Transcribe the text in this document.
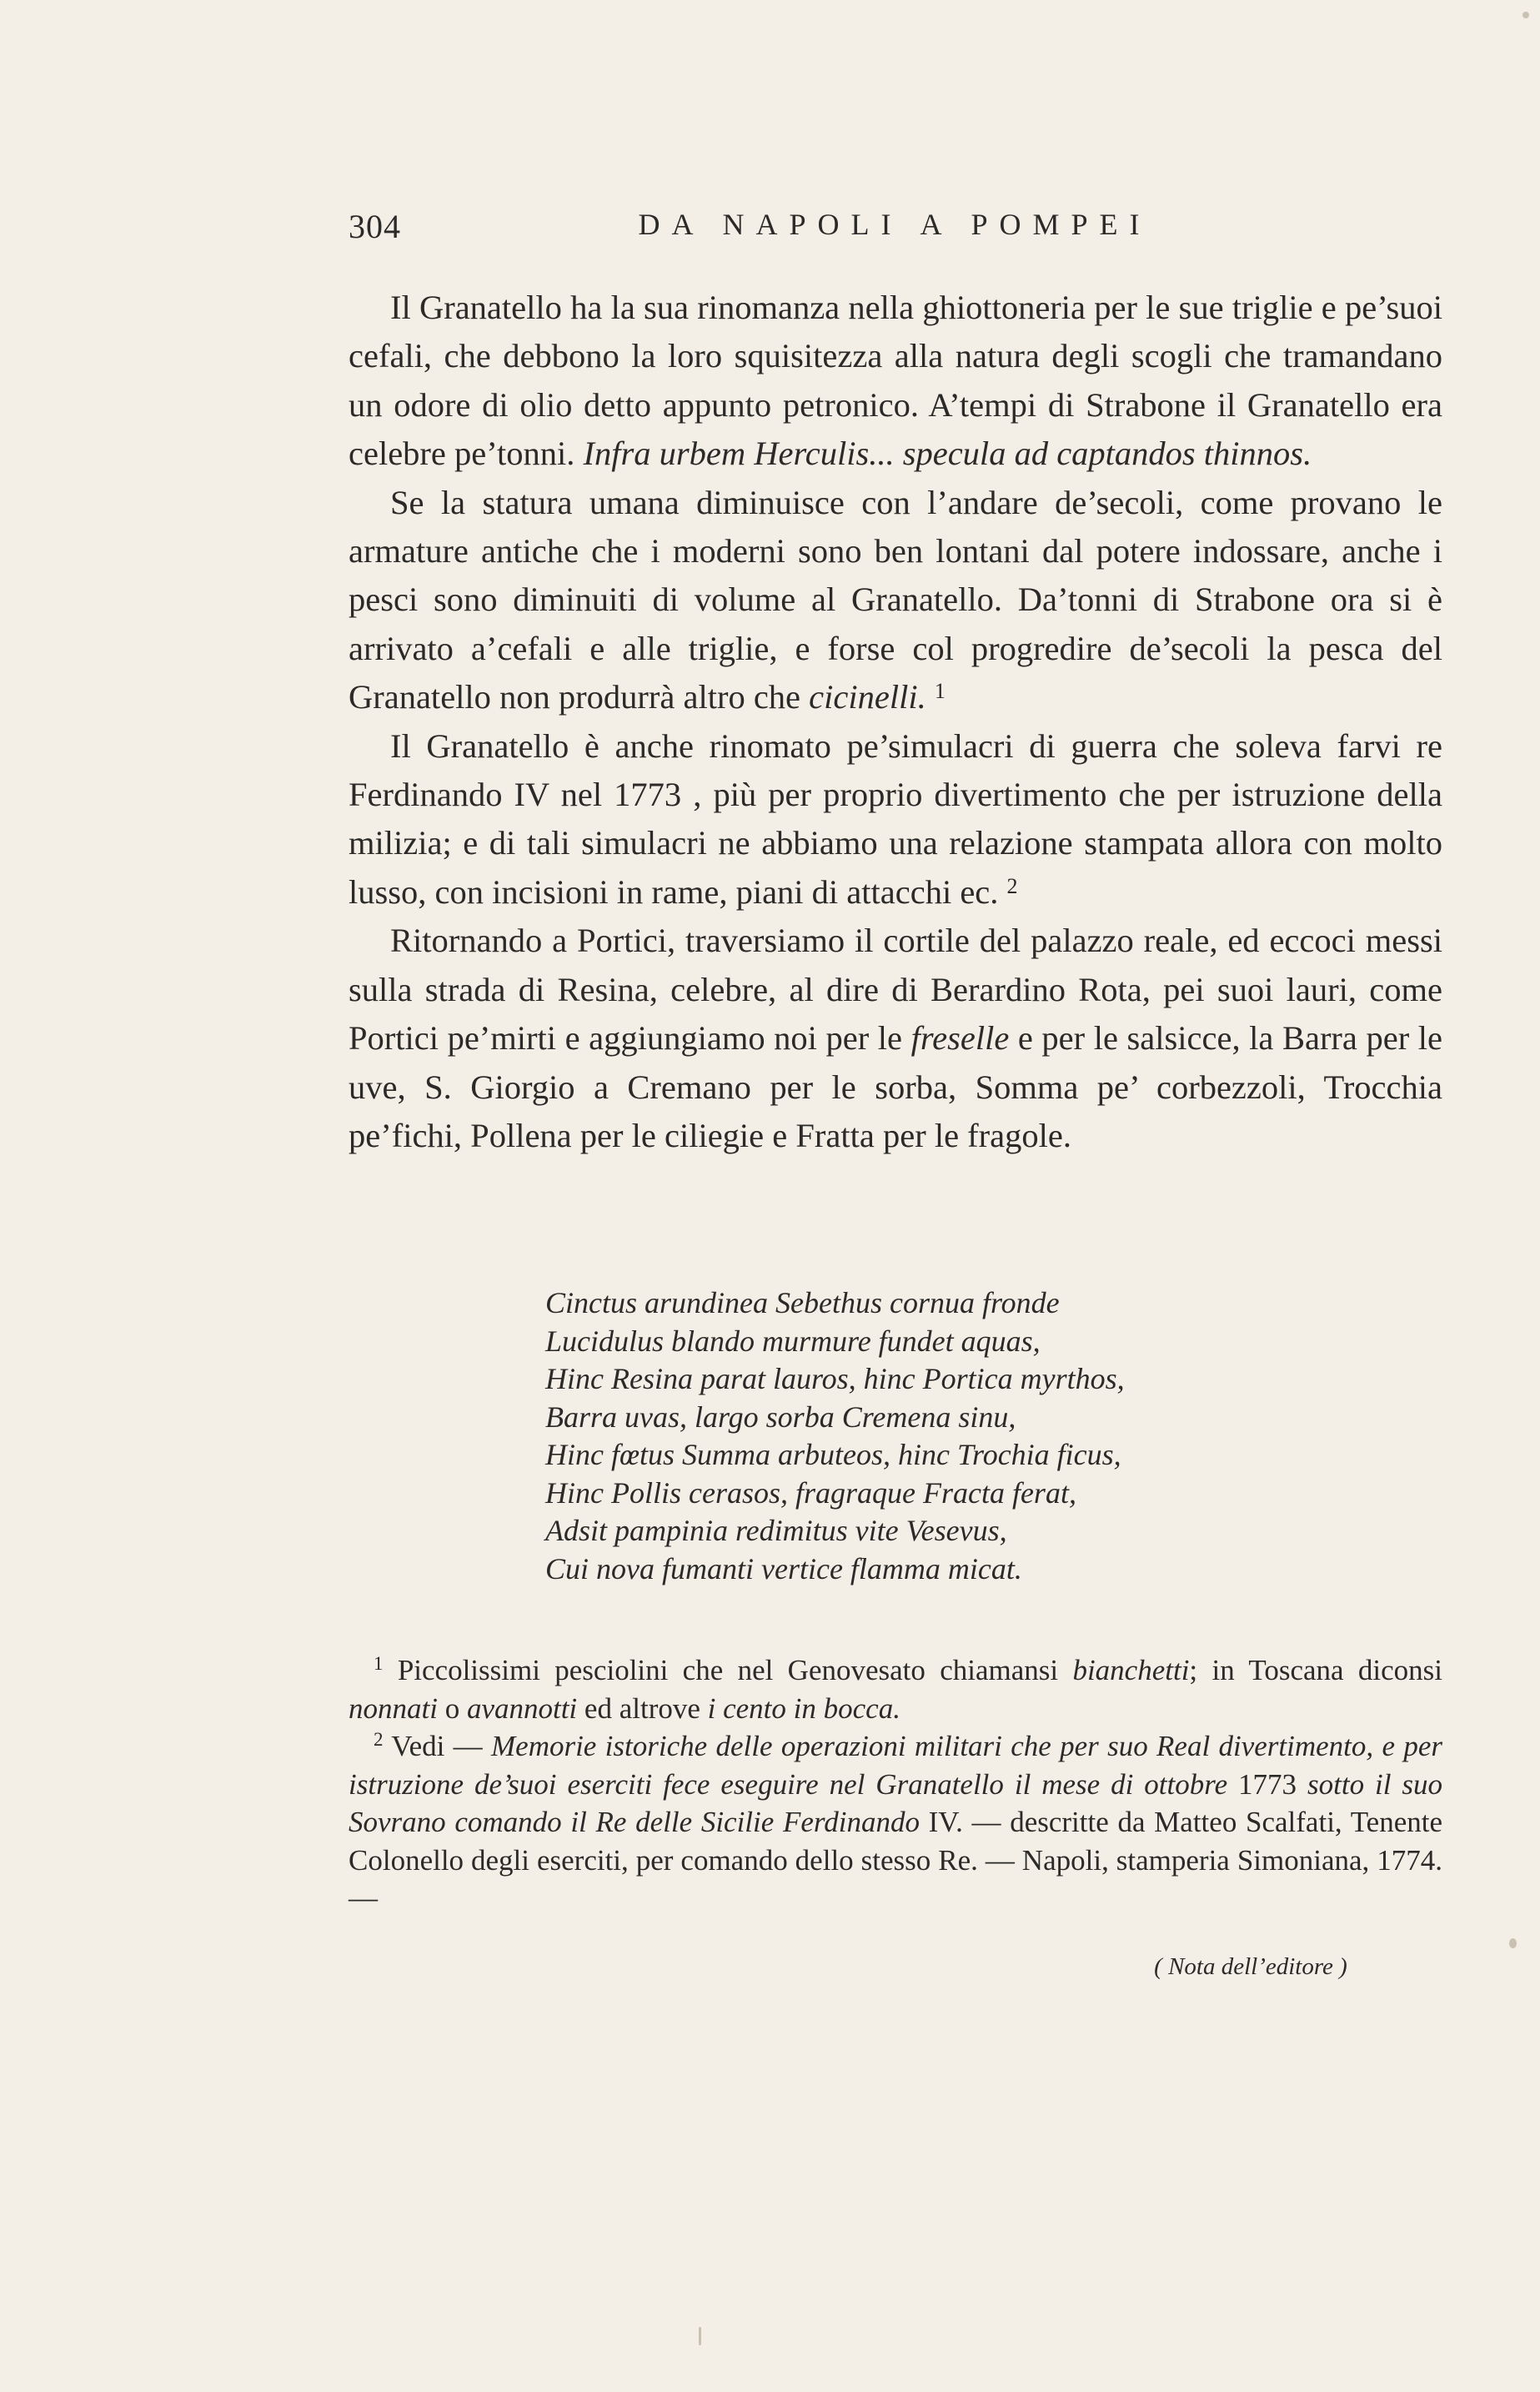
304	DA NAPOLI A POMPEI

Il Granatello ha la sua rinomanza nella ghiottoneria per le sue triglie e pe’suoi cefali, che debbono la loro squisitezza alla natura degli scogli che tramandano un odore di olio detto appunto petronico. A’tempi di Strabone il Granatello era celebre pe’tonni. Infra urbem Herculis... specula ad captandos thinnos.

Se la statura umana diminuisce con l’andare de’secoli, come provano le armature antiche che i moderni sono ben lontani dal potere indossare, anche i pesci sono diminuiti di volume al Granatello. Da’tonni di Strabone ora si è arrivato a’cefali e alle triglie, e forse col progredire de’secoli la pesca del Granatello non produrrà altro che cicinelli. $^1$

Il Granatello è anche rinomato pe’simulacri di guerra che soleva farvi re Ferdinando IV nel 1773 , più per proprio divertimento che per istruzione della milizia; e di tali simulacri ne abbiamo una relazione stampata allora con molto lusso, con incisioni in rame, piani di attacchi ec. $^2$

Ritornando a Portici, traversiamo il cortile del palazzo reale, ed eccoci messi sulla strada di Resina, celebre, al dire di Berardino Rota, pei suoi lauri, come Portici pe’mirti e aggiungiamo noi per le freselle e per le salsicce, la Barra per le uve, S. Giorgio a Cremano per le sorba, Somma pe’ corbezzoli, Trocchia pe’fichi, Pollena per le ciliegie e Fratta per le fragole.

Cinctus arundinea Sebethus cornua fronde
Lucidulus blando murmure fundet aquas,
Hinc Resina parat lauros, hinc Portica myrthos,
Barra uvas, largo sorba Cremena sinu,
Hinc fœtus Summa arbuteos, hinc Trochia ficus,
Hinc Pollis cerasos, fragraque Fracta ferat,
Adsit pampinia redimitus vite Vesevus,
Cui nova fumanti vertice flamma micat.

$^1$ Piccolissimi pesciolini che nel Genovesato chiamansi bianchetti; in Toscana diconsi nonnati o avannotti ed altrove i cento in bocca.

$^2$ Vedi — Memorie istoriche delle operazioni militari che per suo Real divertimento, e per istruzione de’suoi eserciti fece eseguire nel Granatello il mese di ottobre 1773 sotto il suo Sovrano comando il Re delle Sicilie Ferdinando IV. — descritte da Matteo Scalfati, Tenente Colonello degli eserciti, per comando dello stesso Re. — Napoli, stamperia Simoniana, 1774. —

( Nota dell’editore )
